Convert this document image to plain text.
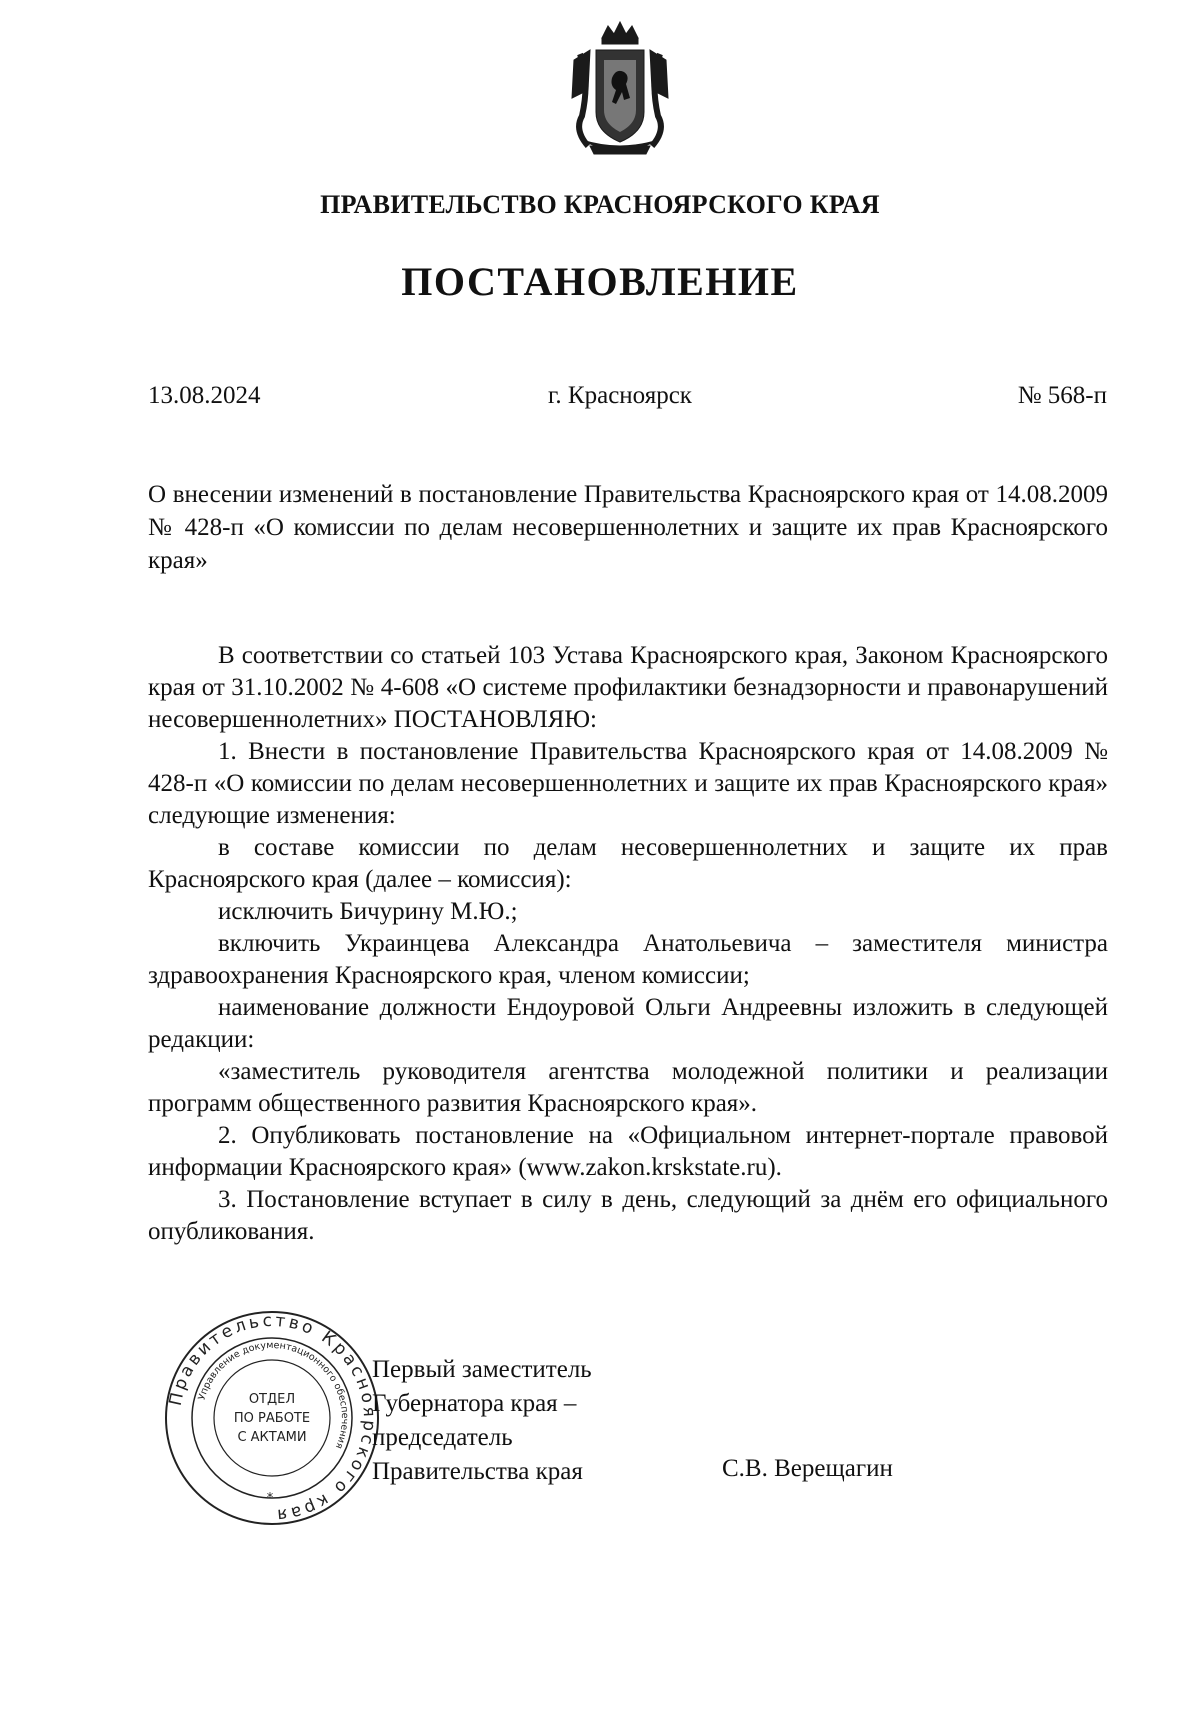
ПРАВИТЕЛЬСТВО КРАСНОЯРСКОГО КРАЯ
ПОСТАНОВЛЕНИЕ
13.08.2024	г. Красноярск	№ 568-п
О внесении изменений в постановление Правительства Красноярского края от 14.08.2009 № 428-п «О комиссии по делам несовершеннолетних и защите их прав Красноярского края»

В соответствии со статьей 103 Устава Красноярского края, Законом Красноярского края от 31.10.2002 № 4-608 «О системе профилактики безнадзорности и правонарушений несовершеннолетних» ПОСТАНОВЛЯЮ:

1. Внести в постановление Правительства Красноярского края от 14.08.2009 № 428-п «О комиссии по делам несовершеннолетних и защите их прав Красноярского края» следующие изменения:

в составе комиссии по делам несовершеннолетних и защите их прав Красноярского края (далее – комиссия):

исключить Бичурину М.Ю.;

включить Украинцева Александра Анатольевича – заместителя министра здравоохранения Красноярского края, членом комиссии;

наименование должности Ендоуровой Ольги Андреевны изложить в следующей редакции:

«заместитель руководителя агентства молодежной политики и реализации программ общественного развития Красноярского края».

2. Опубликовать постановление на «Официальном интернет-портале правовой информации Красноярского края» (www.zakon.krskstate.ru).

3. Постановление вступает в силу в день, следующий за днём его официального опубликования.

Правительство Красноярского края
Управление документационного обеспечения
ОТДЕЛ
ПО РАБОТЕ
С АКТАМИ
*
Первый заместитель
Губернатора края –
председатель
Правительства края	С.В. Верещагин
